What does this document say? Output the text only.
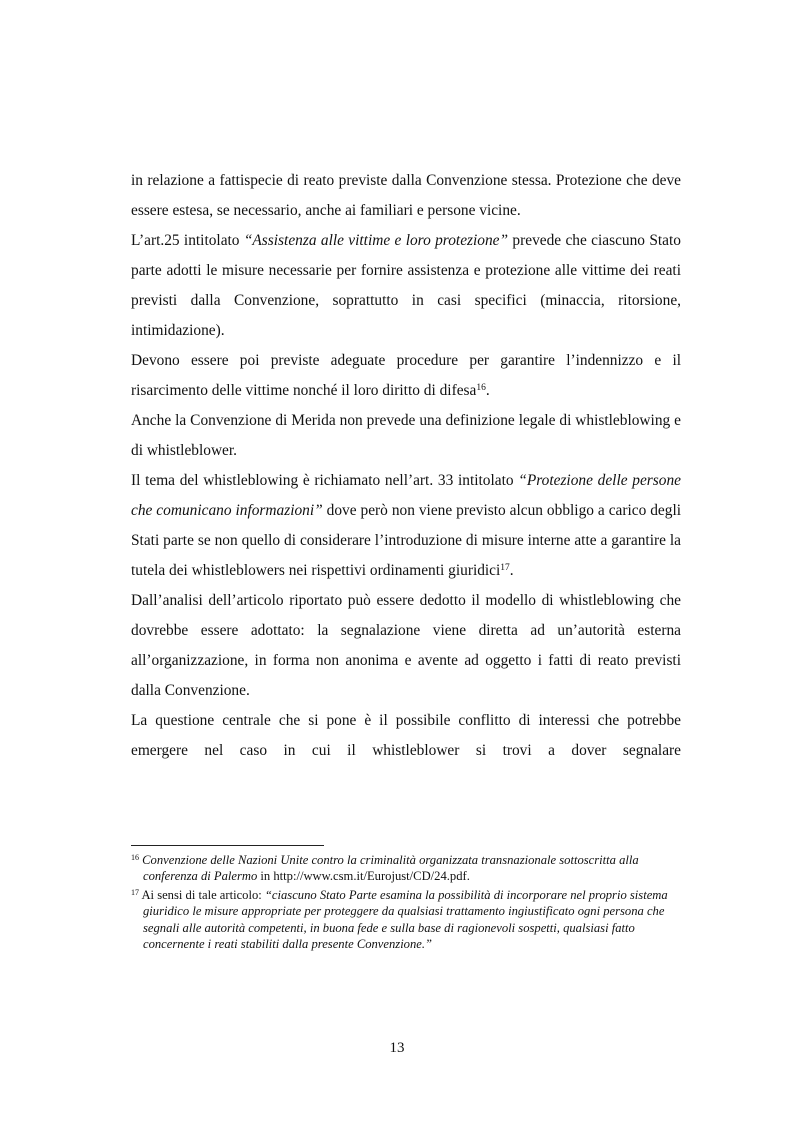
in relazione a fattispecie di reato previste dalla Convenzione stessa. Protezione che deve essere estesa, se necessario, anche ai familiari e persone vicine.

L’art.25 intitolato “Assistenza alle vittime e loro protezione” prevede che ciascuno Stato parte adotti le misure necessarie per fornire assistenza e protezione alle vittime dei reati previsti dalla Convenzione, soprattutto in casi specifici (minaccia, ritorsione, intimidazione).

Devono essere poi previste adeguate procedure per garantire l’indennizzo e il risarcimento delle vittime nonché il loro diritto di difesa$^{16}$.

Anche la Convenzione di Merida non prevede una definizione legale di whistleblowing e di whistleblower.

Il tema del whistleblowing è richiamato nell’art. 33 intitolato “Protezione delle persone che comunicano informazioni” dove però non viene previsto alcun obbligo a carico degli Stati parte se non quello di considerare l’introduzione di misure interne atte a garantire la tutela dei whistleblowers nei rispettivi ordinamenti giuridici$^{17}$.

Dall’analisi dell’articolo riportato può essere dedotto il modello di whistleblowing che dovrebbe essere adottato: la segnalazione viene diretta ad un’autorità esterna all’organizzazione, in forma non anonima e avente ad oggetto i fatti di reato previsti dalla Convenzione.

La questione centrale che si pone è il possibile conflitto di interessi che potrebbe emergere nel caso in cui il whistleblower si trovi a dover segnalare

$^{16}$ Convenzione delle Nazioni Unite contro la criminalità organizzata transnazionale sottoscritta alla conferenza di Palermo in http://www.csm.it/Eurojust/CD/24.pdf.

$^{17}$ Ai sensi di tale articolo: “ciascuno Stato Parte esamina la possibilità di incorporare nel proprio sistema giuridico le misure appropriate per proteggere da qualsiasi trattamento ingiustificato ogni persona che segnali alle autorità competenti, in buona fede e sulla base di ragionevoli sospetti, qualsiasi fatto concernente i reati stabiliti dalla presente Convenzione.”

13
